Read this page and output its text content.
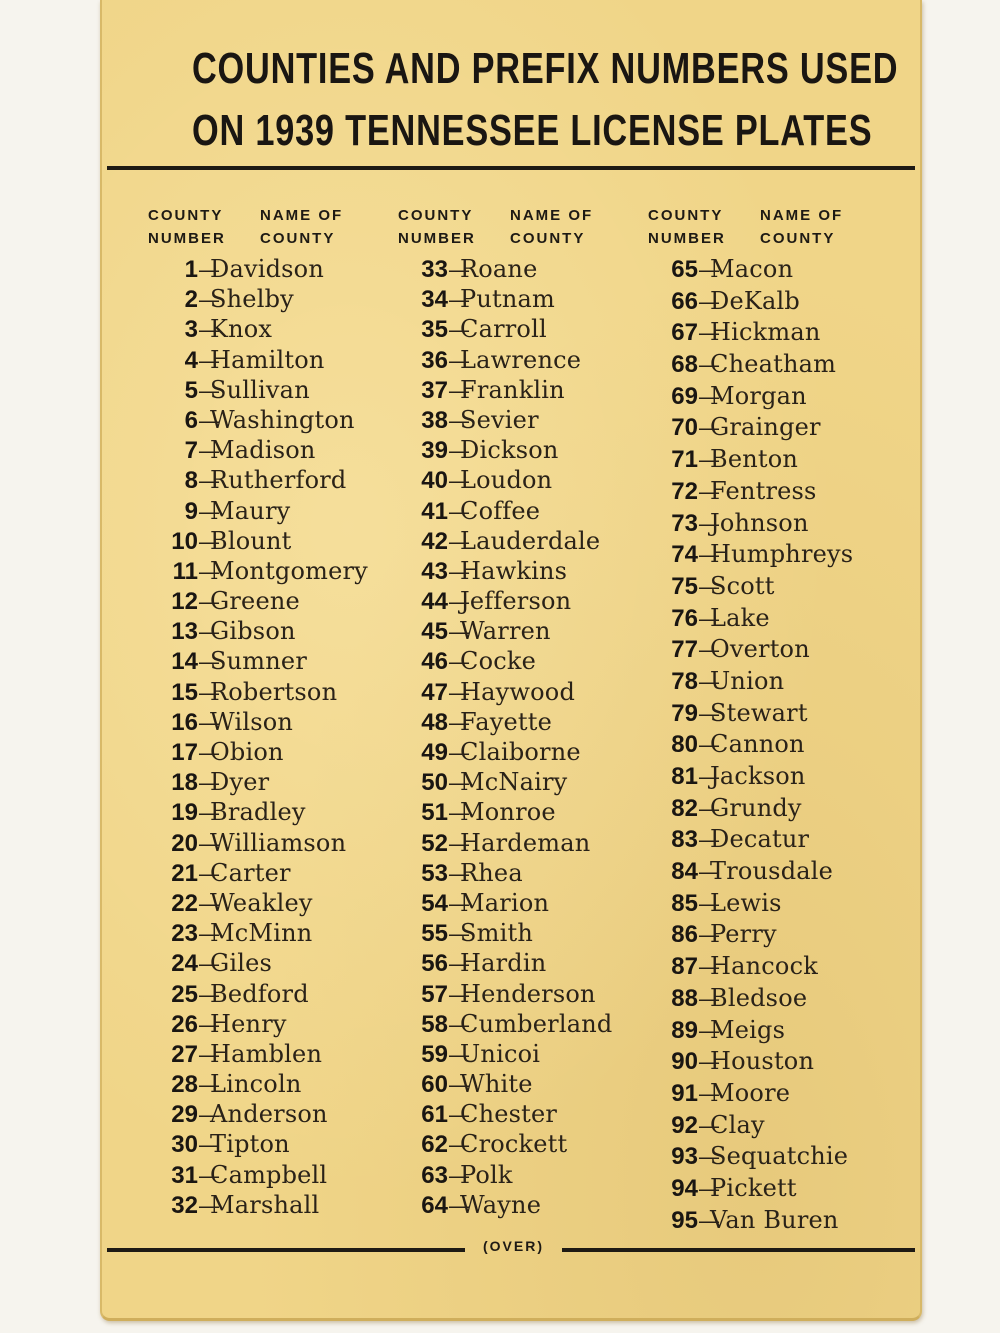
COUNTIES AND PREFIX NUMBERS USED
ON 1939 TENNESSEE LICENSE PLATES
COUNTY	NAME OF
NUMBER	COUNTY
1 — Davidson
2 — Shelby
3 — Knox
4 — Hamilton
5 — Sullivan
6 — Washington
7 — Madison
8 — Rutherford
9 — Maury
10 — Blount
11 — Montgomery
12 — Greene
13 — Gibson
14 — Sumner
15 — Robertson
16 — Wilson
17 — Obion
18 — Dyer
19 — Bradley
20 — Williamson
21 — Carter
22 — Weakley
23 — McMinn
24 — Giles
25 — Bedford
26 — Henry
27 — Hamblen
28 — Lincoln
29 — Anderson
30 — Tipton
31 — Campbell
32 — Marshall
COUNTY	NAME OF
NUMBER	COUNTY
33 — Roane
34 — Putnam
35 — Carroll
36 — Lawrence
37 — Franklin
38 — Sevier
39 — Dickson
40 — Loudon
41 — Coffee
42 — Lauderdale
43 — Hawkins
44 — Jefferson
45 — Warren
46 — Cocke
47 — Haywood
48 — Fayette
49 — Claiborne
50 — McNairy
51 — Monroe
52 — Hardeman
53 — Rhea
54 — Marion
55 — Smith
56 — Hardin
57 — Henderson
58 — Cumberland
59 — Unicoi
60 — White
61 — Chester
62 — Crockett
63 — Polk
64 — Wayne
COUNTY	NAME OF
NUMBER	COUNTY
65 — Macon
66 — DeKalb
67 — Hickman
68 — Cheatham
69 — Morgan
70 — Grainger
71 — Benton
72 — Fentress
73 — Johnson
74 — Humphreys
75 — Scott
76 — Lake
77 — Overton
78 — Union
79 — Stewart
80 — Cannon
81 — Jackson
82 — Grundy
83 — Decatur
84 — Trousdale
85 — Lewis
86 — Perry
87 — Hancock
88 — Bledsoe
89 — Meigs
90 — Houston
91 — Moore
92 — Clay
93 — Sequatchie
94 — Pickett
95 — Van Buren
(OVER)
